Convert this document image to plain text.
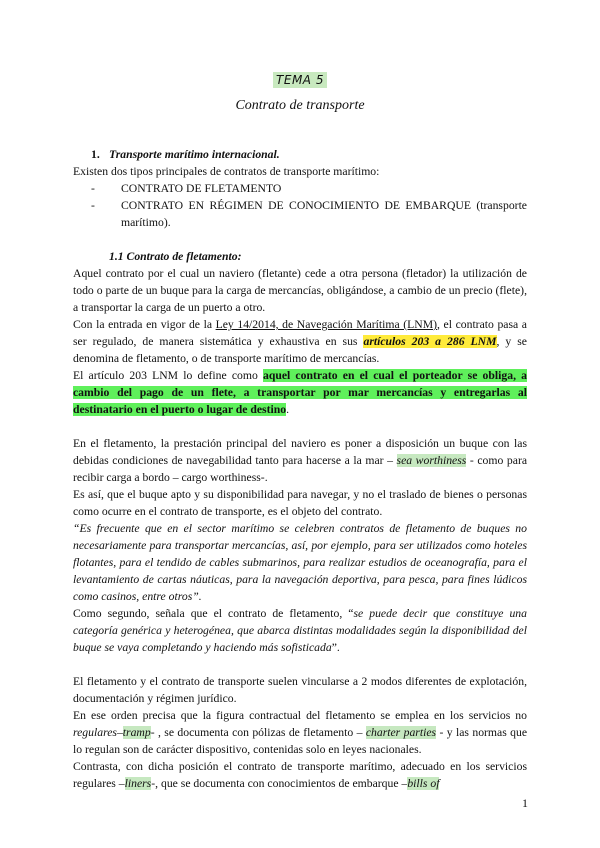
TEMA 5
Contrato de transporte

1. Transporte marítimo internacional.

Existen dos tipos principales de contratos de transporte marítimo:

- CONTRATO DE FLETAMENTO
- CONTRATO EN RÉGIMEN DE CONOCIMIENTO DE EMBARQUE (transporte marítimo).

1.1 Contrato de fletamento:

Aquel contrato por el cual un naviero (fletante) cede a otra persona (fletador) la utilización de todo o parte de un buque para la carga de mercancías, obligándose, a cambio de un precio (flete), a transportar la carga de un puerto a otro.

Con la entrada en vigor de la Ley 14/2014, de Navegación Marítima (LNM), el contrato pasa a ser regulado, de manera sistemática y exhaustiva en sus artículos 203 a 286 LNM, y se denomina de fletamento, o de transporte marítimo de mercancías.

El artículo 203 LNM lo define como aquel contrato en el cual el porteador se obliga, a cambio del pago de un flete, a transportar por mar mercancías y entregarlas al destinatario en el puerto o lugar de destino.

En el fletamento, la prestación principal del naviero es poner a disposición un buque con las debidas condiciones de navegabilidad tanto para hacerse a la mar – sea worthiness - como para recibir carga a bordo – cargo worthiness-.

Es así, que el buque apto y su disponibilidad para navegar, y no el traslado de bienes o personas como ocurre en el contrato de transporte, es el objeto del contrato.

“Es frecuente que en el sector marítimo se celebren contratos de fletamento de buques no necesariamente para transportar mercancías, así, por ejemplo, para ser utilizados como hoteles flotantes, para el tendido de cables submarinos, para realizar estudios de oceanografía, para el levantamiento de cartas náuticas, para la navegación deportiva, para pesca, para fines lúdicos como casinos, entre otros”.

Como segundo, señala que el contrato de fletamento, “se puede decir que constituye una categoría genérica y heterogénea, que abarca distintas modalidades según la disponibilidad del buque se vaya completando y haciendo más sofisticada”.

El fletamento y el contrato de transporte suelen vincularse a 2 modos diferentes de explotación, documentación y régimen jurídico.

En ese orden precisa que la figura contractual del fletamento se emplea en los servicios no regulares–tramp- , se documenta con pólizas de fletamento – charter parties - y las normas que lo regulan son de carácter dispositivo, contenidas solo en leyes nacionales.

Contrasta, con dicha posición el contrato de transporte marítimo, adecuado en los servicios regulares –liners-, que se documenta con conocimientos de embarque –bills of

1
